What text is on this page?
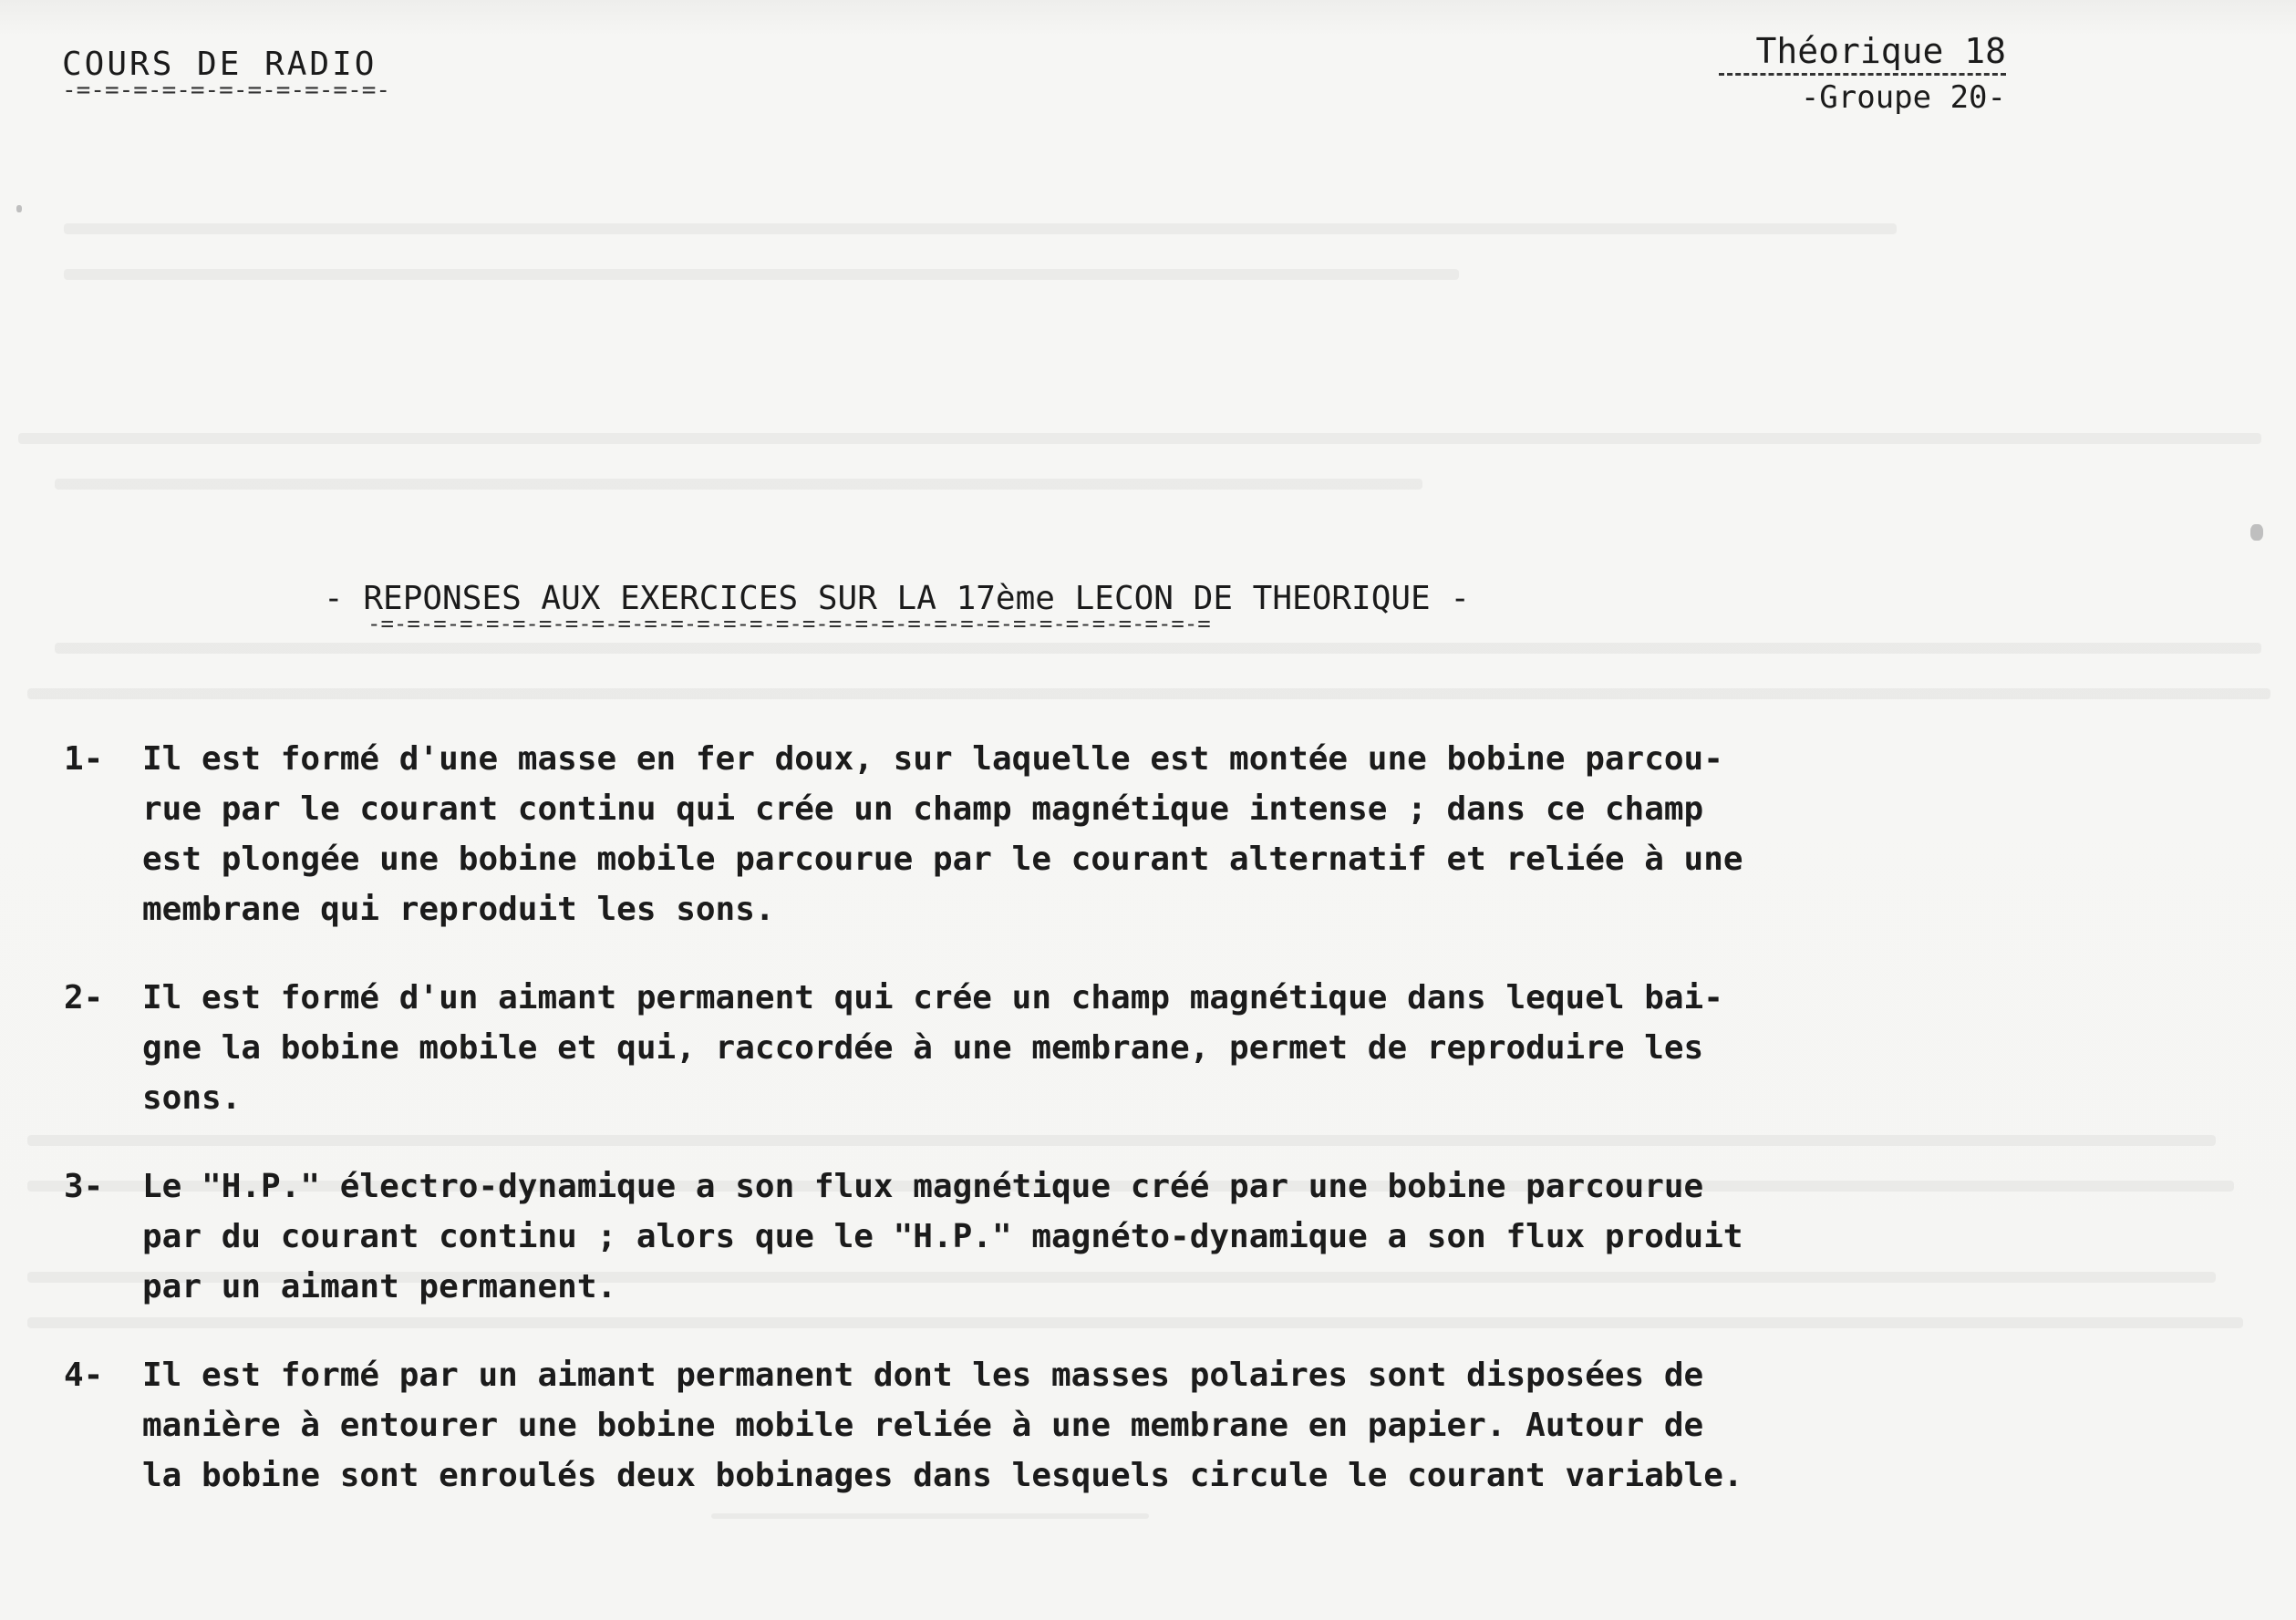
COURS DE RADIO
-=-=-=-=-=-=-=-=-=-=-=-
Théorique 18
-Groupe 20-
- REPONSES AUX EXERCICES SUR LA 17ème LECON DE THEORIQUE -
-=-=-=-=-=-=-=-=-=-=-=-=-=-=-=-=-=-=-=-=-=-=-=-=-=-=-=-=-=-=-=-=
1-	Il est formé d'une masse en fer doux, sur laquelle est montée une bobine parcou-
rue par le courant continu qui crée un champ magnétique intense ; dans ce champ
est plongée une bobine mobile parcourue par le courant alternatif et reliée à une
membrane qui reproduit les sons.
2-	Il est formé d'un aimant permanent qui crée un champ magnétique dans lequel bai-
gne la bobine mobile et qui, raccordée à une membrane, permet de reproduire les
sons.
3-	Le "H.P." électro-dynamique a son flux magnétique créé par une bobine parcourue
par du courant continu ; alors que le "H.P." magnéto-dynamique a son flux produit
par un aimant permanent.
4-	Il est formé par un aimant permanent dont les masses polaires sont disposées de
manière à entourer une bobine mobile reliée à une membrane en papier. Autour de
la bobine sont enroulés deux bobinages dans lesquels circule le courant variable.
